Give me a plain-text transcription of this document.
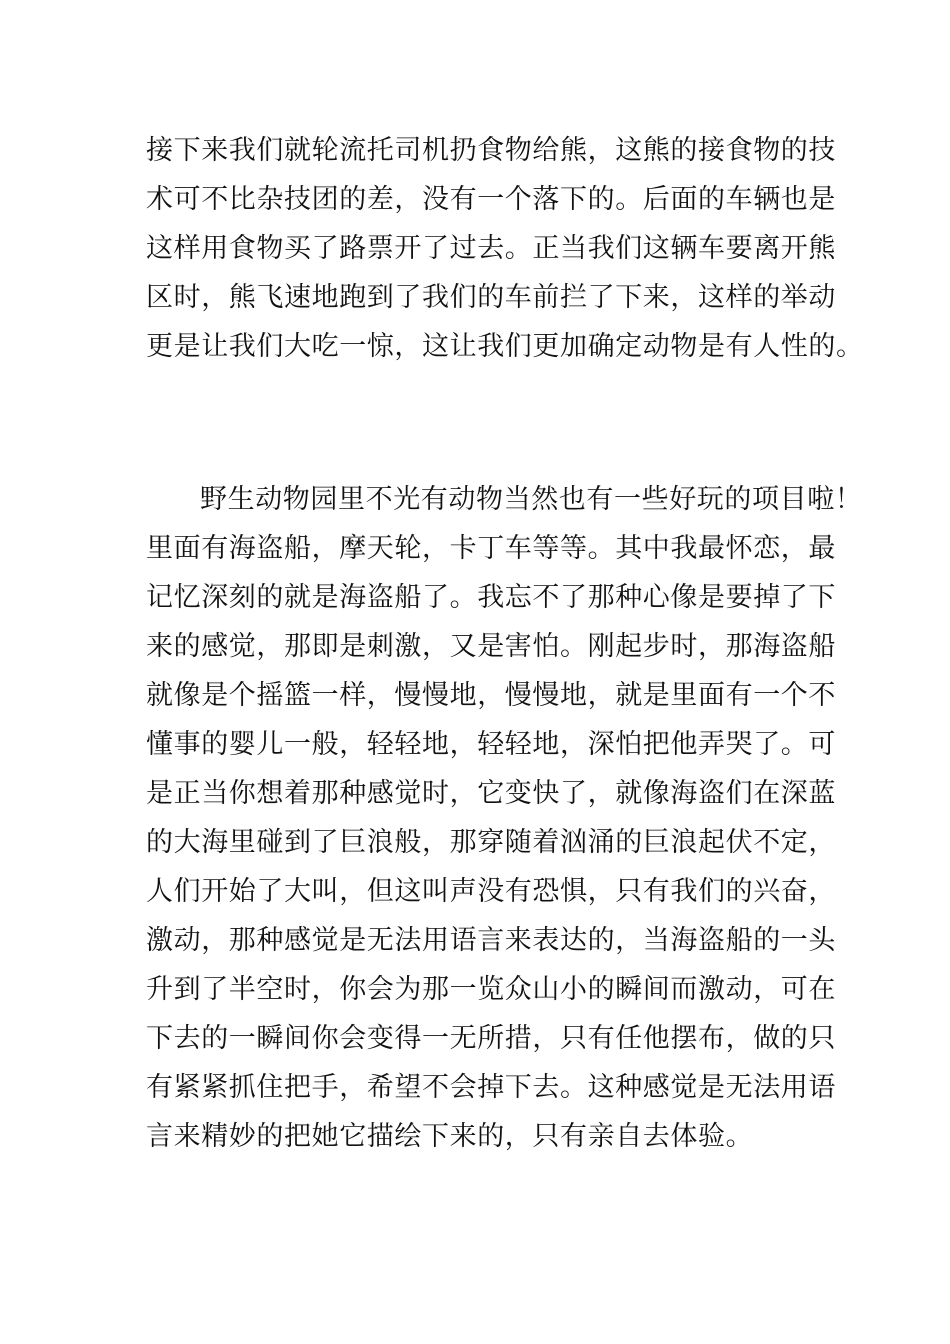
接下来我们就轮流托司机扔食物给熊，这熊的接食物的技
术可不比杂技团的差，没有一个落下的。后面的车辆也是
这样用食物买了路票开了过去。正当我们这辆车要离开熊
区时，熊飞速地跑到了我们的车前拦了下来，这样的举动
更是让我们大吃一惊，这让我们更加确定动物是有人性的。
野生动物园里不光有动物当然也有一些好玩的项目啦！
里面有海盗船，摩天轮，卡丁车等等。其中我最怀恋，最
记忆深刻的就是海盗船了。我忘不了那种心像是要掉了下
来的感觉，那即是刺激，又是害怕。刚起步时，那海盗船
就像是个摇篮一样，慢慢地，慢慢地，就是里面有一个不
懂事的婴儿一般，轻轻地，轻轻地，深怕把他弄哭了。可
是正当你想着那种感觉时，它变快了，就像海盗们在深蓝
的大海里碰到了巨浪般，那穿随着汹涌的巨浪起伏不定，
人们开始了大叫，但这叫声没有恐惧，只有我们的兴奋，
激动，那种感觉是无法用语言来表达的，当海盗船的一头
升到了半空时，你会为那一览众山小的瞬间而激动，可在
下去的一瞬间你会变得一无所措，只有任他摆布，做的只
有紧紧抓住把手，希望不会掉下去。这种感觉是无法用语
言来精妙的把她它描绘下来的，只有亲自去体验。
